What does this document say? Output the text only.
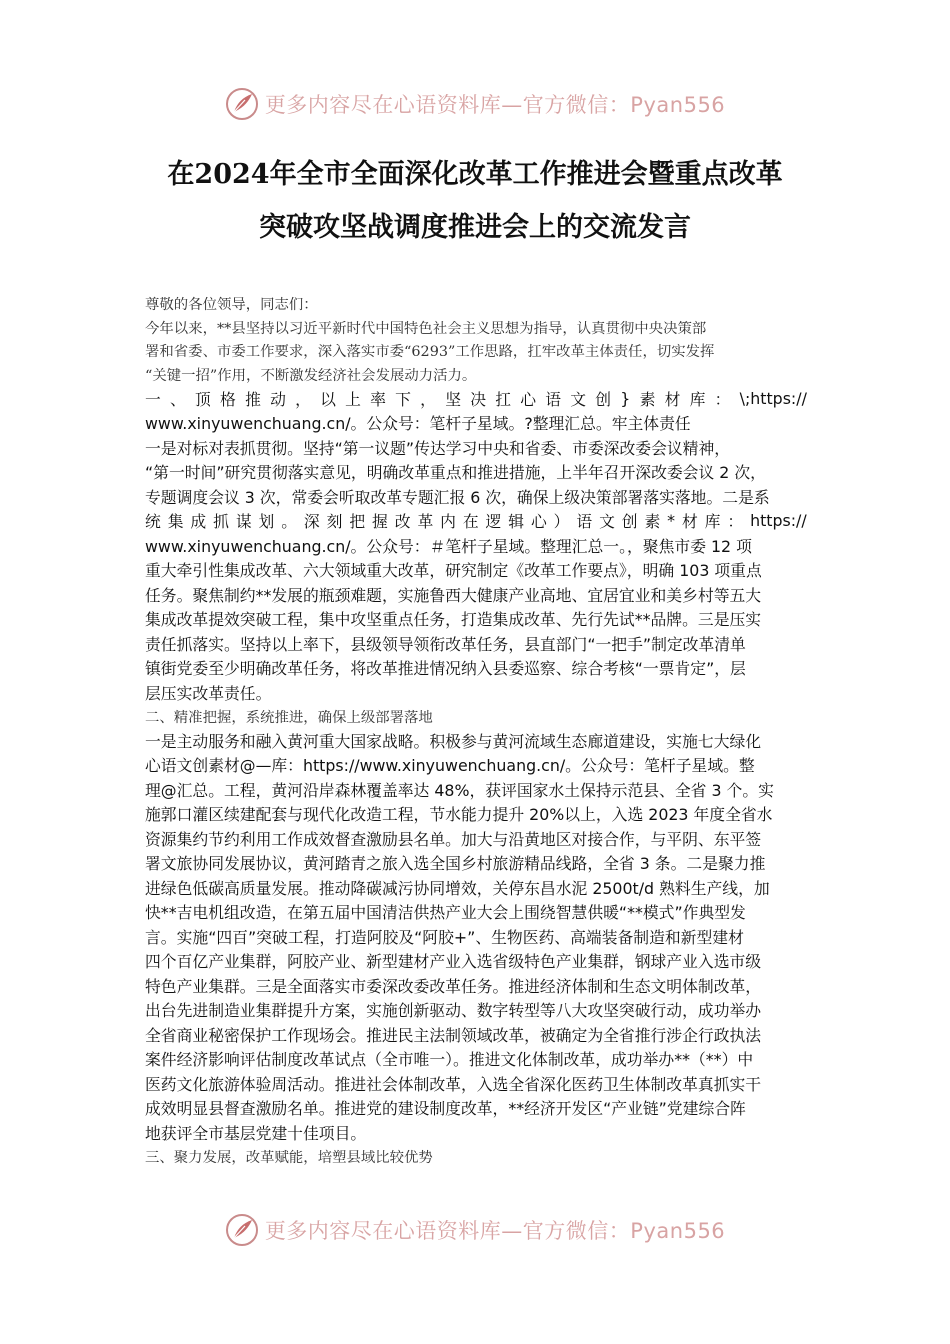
更多内容尽在心语资料库—官方微信：Pyan556
在2024年全市全面深化改革工作推进会暨重点改革
突破攻坚战调度推进会上的交流发言
尊敬的各位领导，同志们：
今年以来，**县坚持以习近平新时代中国特色社会主义思想为指导，认真贯彻中央决策部
署和省委、市委工作要求，深入落实市委“6293”工作思路，扛牢改革主体责任，切实发挥
“关键一招”作用，不断激发经济社会发展动力活力。
一 、 顶 格 推 动 ， 以 上 率 下 ， 坚 决 扛 心 语 文 创 } 素 材 库 ： \;https://
www.xinyuwenchuang.cn/。公众号：笔杆子星域。?整理汇总。牢主体责任
一是对标对表抓贯彻。坚持“第一议题”传达学习中央和省委、市委深改委会议精神，
“第一时间”研究贯彻落实意见，明确改革重点和推进措施，上半年召开深改委会议 2 次，
专题调度会议 3 次，常委会听取改革专题汇报 6 次，确保上级决策部署落实落地。二是系
统 集 成 抓 谋 划 。 深 刻 把 握 改 革 内 在 逻 辑 心 ） 语 文 创 素 * 材 库 ： https://
www.xinyuwenchuang.cn/。公众号：＃笔杆子星域。整理汇总一。，聚焦市委 12 项
重大牵引性集成改革、六大领域重大改革，研究制定《改革工作要点》，明确 103 项重点
任务。聚焦制约**发展的瓶颈难题，实施鲁西大健康产业高地、宜居宜业和美乡村等五大
集成改革提效突破工程，集中攻坚重点任务，打造集成改革、先行先试**品牌。三是压实
责任抓落实。坚持以上率下，县级领导领衔改革任务，县直部门“一把手”制定改革清单
镇街党委至少明确改革任务，将改革推进情况纳入县委巡察、综合考核“一票肯定”，层
层压实改革责任。
二、精准把握，系统推进，确保上级部署落地
一是主动服务和融入黄河重大国家战略。积极参与黄河流域生态廊道建设，实施七大绿化
心语文创素材@—库：https://www.xinyuwenchuang.cn/。公众号：笔杆子星域。整
理@汇总。工程，黄河沿岸森林覆盖率达 48%，获评国家水土保持示范县、全省 3 个。实
施郭口灌区续建配套与现代化改造工程，节水能力提升 20%以上，入选 2023 年度全省水
资源集约节约利用工作成效督查激励县名单。加大与沿黄地区对接合作，与平阴、东平签
署文旅协同发展协议，黄河踏青之旅入选全国乡村旅游精品线路，全省 3 条。二是聚力推
进绿色低碳高质量发展。推动降碳减污协同增效，关停东昌水泥 2500t/d 熟料生产线，加
快**吉电机组改造，在第五届中国清洁供热产业大会上围绕智慧供暖“**模式”作典型发
言。实施“四百”突破工程，打造阿胶及“阿胶+”、生物医药、高端装备制造和新型建材
四个百亿产业集群，阿胶产业、新型建材产业入选省级特色产业集群，钢球产业入选市级
特色产业集群。三是全面落实市委深改委改革任务。推进经济体制和生态文明体制改革，
出台先进制造业集群提升方案，实施创新驱动、数字转型等八大攻坚突破行动，成功举办
全省商业秘密保护工作现场会。推进民主法制领域改革，被确定为全省推行涉企行政执法
案件经济影响评估制度改革试点（全市唯一）。推进文化体制改革，成功举办**（**）中
医药文化旅游体验周活动。推进社会体制改革，入选全省深化医药卫生体制改革真抓实干
成效明显县督查激励名单。推进党的建设制度改革，**经济开发区“产业链”党建综合阵
地获评全市基层党建十佳项目。
三、聚力发展，改革赋能，培塑县域比较优势
更多内容尽在心语资料库—官方微信：Pyan556
